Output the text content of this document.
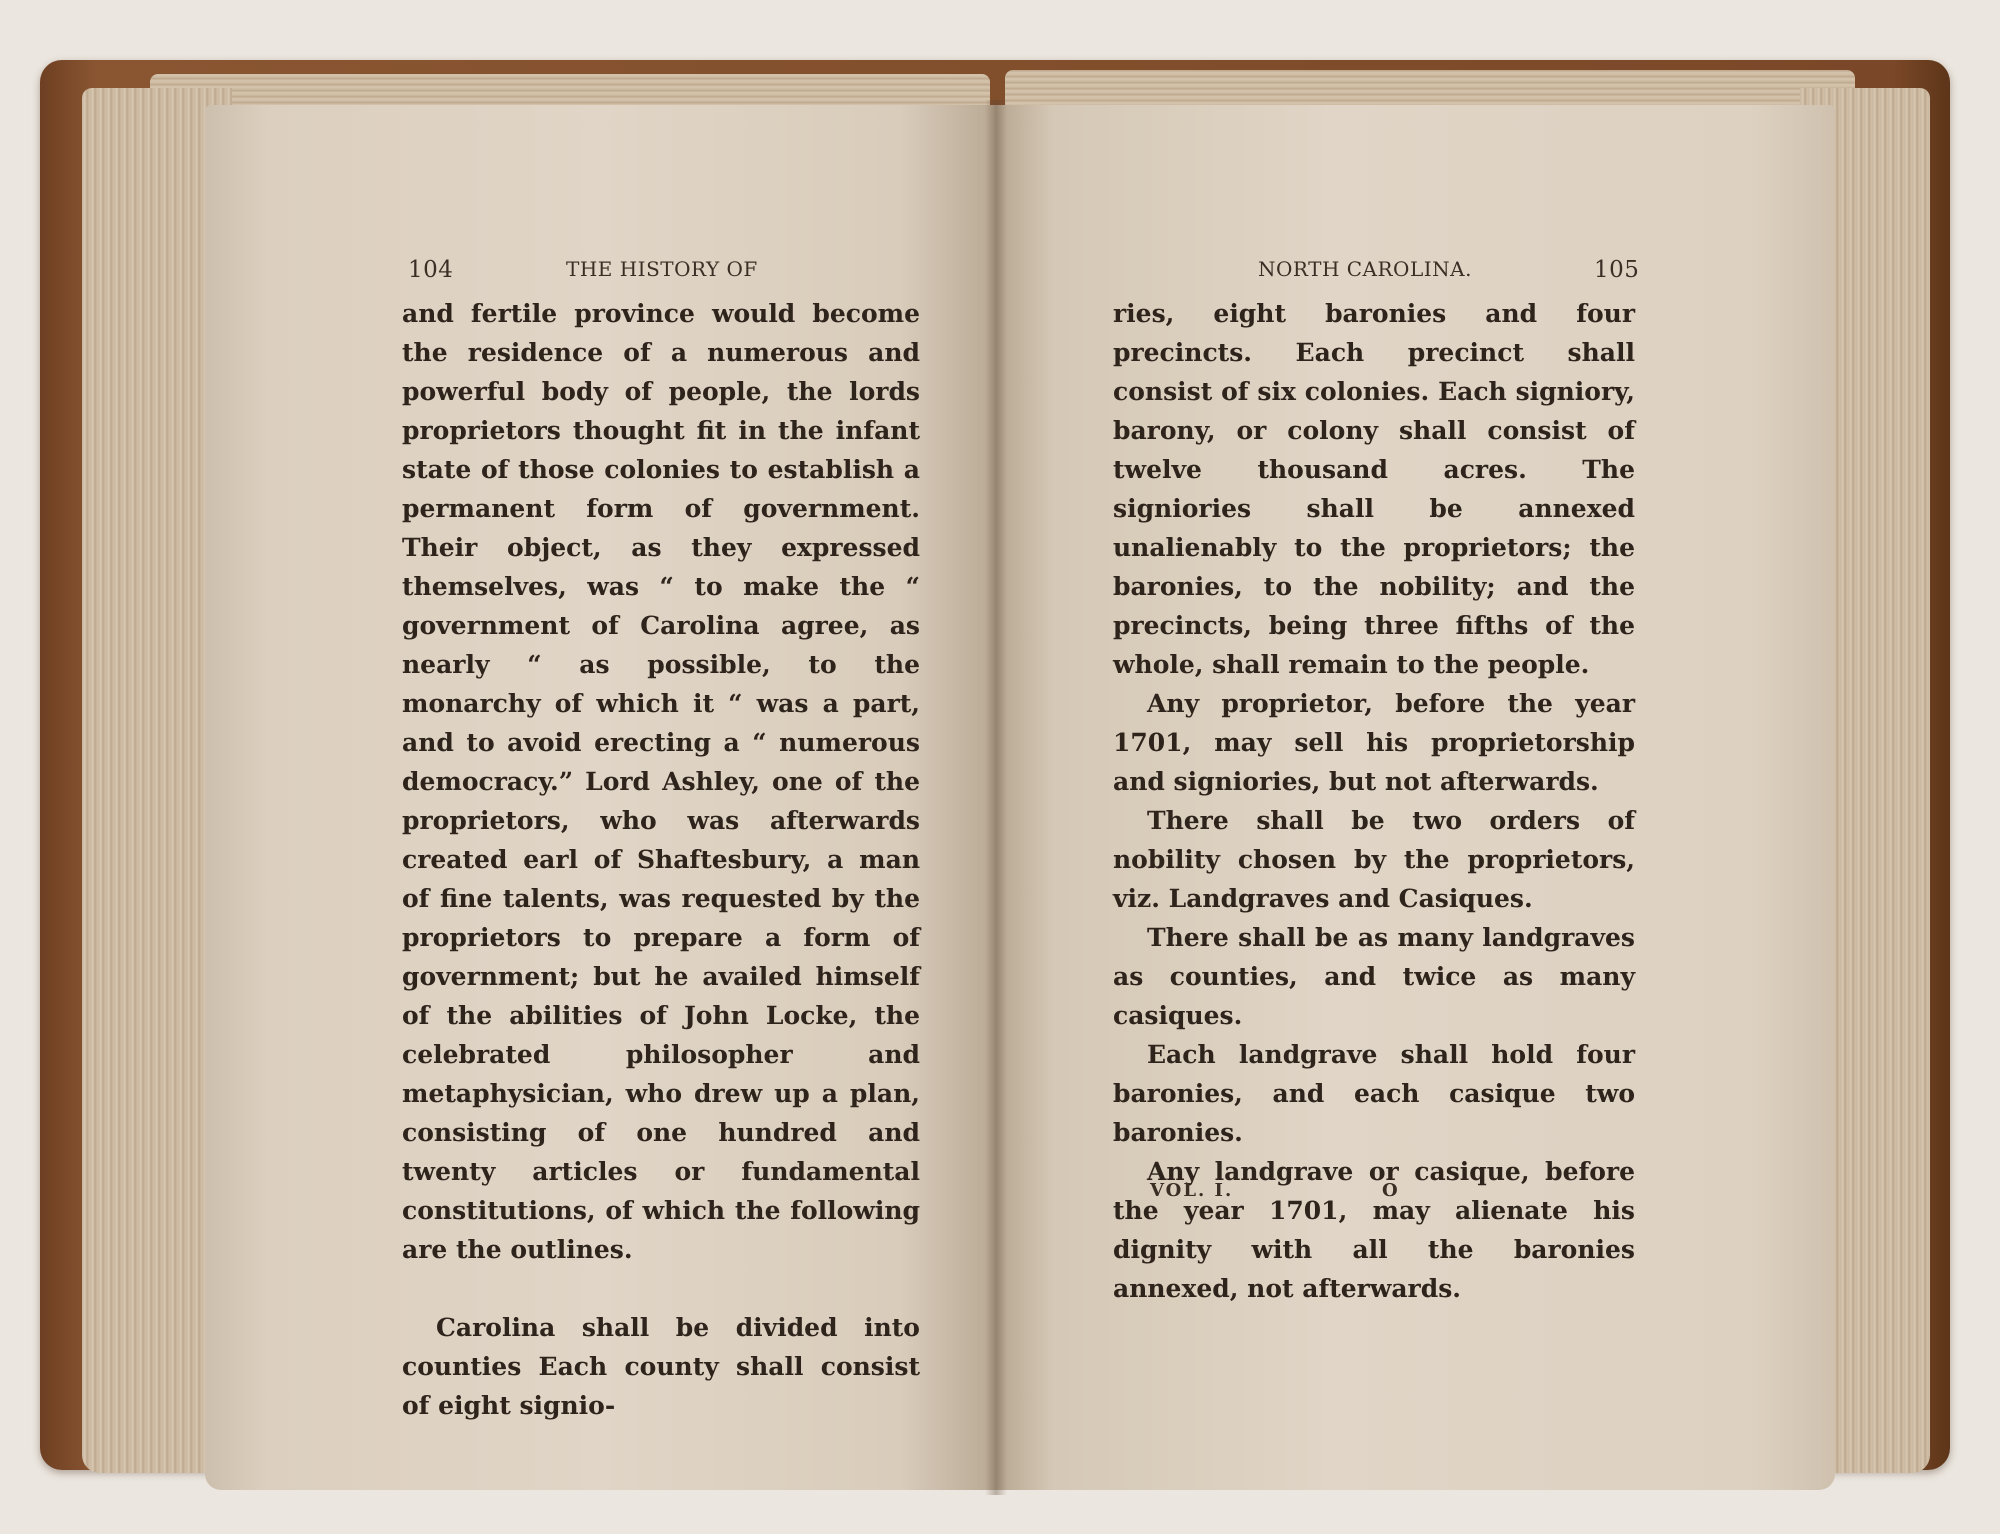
104	THE HISTORY OF	NORTH CAROLINA.	105

and fertile province would become the residence of a numerous and powerful body of people, the lords proprietors thought fit in the infant state of those colonies to establish a permanent form of government. Their object, as they expressed themselves, was “ to make the “ government of Carolina agree, as nearly “ as possible, to the monarchy of which it “ was a part, and to avoid erecting a “ numerous democracy.” Lord Ashley, one of the proprietors, who was afterwards created earl of Shaftesbury, a man of fine talents, was requested by the proprietors to prepare a form of government; but he availed himself of the abilities of John Locke, the celebrated philosopher and metaphysician, who drew up a plan, consisting of one hundred and twenty articles or fundamental constitutions, of which the following are the outlines.

Carolina shall be divided into counties Each county shall consist of eight signio-

ries, eight baronies and four precincts. Each precinct shall consist of six colonies. Each signiory, barony, or colony shall consist of twelve thousand acres. The signiories shall be annexed unalienably to the proprietors; the baronies, to the nobility; and the precincts, being three fifths of the whole, shall remain to the people.

Any proprietor, before the year 1701, may sell his proprietorship and signiories, but not afterwards.

There shall be two orders of nobility chosen by the proprietors, viz. Landgraves and Casiques.

There shall be as many landgraves as counties, and twice as many casiques.

Each landgrave shall hold four baronies, and each casique two baronies.

Any landgrave or casique, before the year 1701, may alienate his dignity with all the baronies annexed, not afterwards.

VOL. I.	O
